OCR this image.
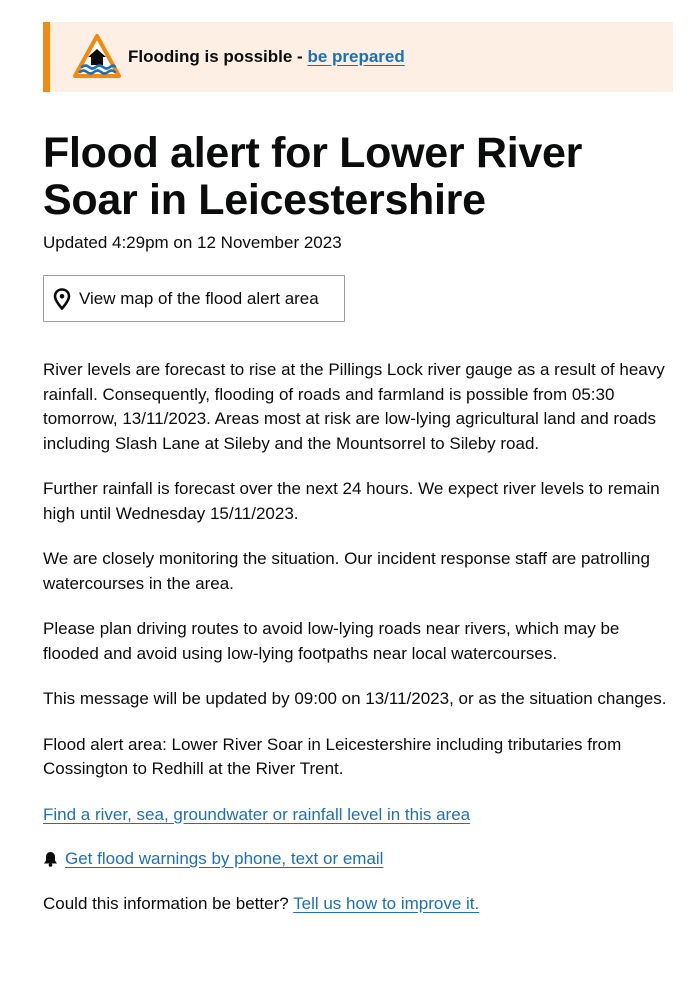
Flooding is possible - be prepared
Flood alert for Lower River Soar in Leicestershire
Updated 4:29pm on 12 November 2023
View map of the flood alert area

River levels are forecast to rise at the Pillings Lock river gauge as a result of heavy rainfall. Consequently, flooding of roads and farmland is possible from 05:30 tomorrow, 13/11/2023. Areas most at risk are low-lying agricultural land and roads including Slash Lane at Sileby and the Mountsorrel to Sileby road.

Further rainfall is forecast over the next 24 hours. We expect river levels to remain high until Wednesday 15/11/2023.

We are closely monitoring the situation. Our incident response staff are patrolling watercourses in the area.

Please plan driving routes to avoid low-lying roads near rivers, which may be flooded and avoid using low-lying footpaths near local watercourses.

This message will be updated by 09:00 on 13/11/2023, or as the situation changes.

Flood alert area: Lower River Soar in Leicestershire including tributaries from Cossington to Redhill at the River Trent.

Find a river, sea, groundwater or rainfall level in this area

Get flood warnings by phone, text or email

Could this information be better? Tell us how to improve it.
